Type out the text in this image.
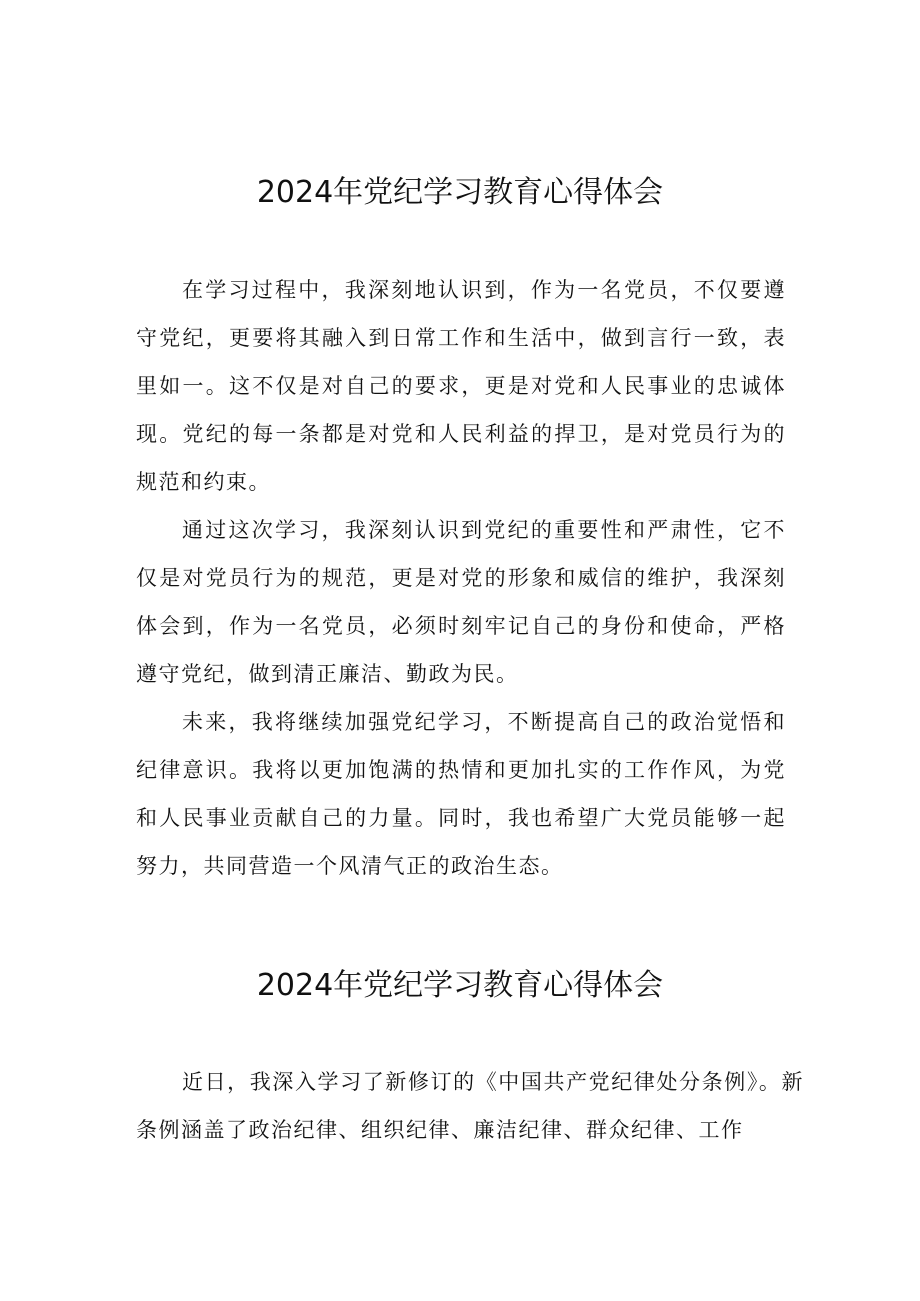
2024年党纪学习教育心得体会

在学习过程中，我深刻地认识到，作为一名党员，不仅要遵守党纪，更要将其融入到日常工作和生活中，做到言行一致，表里如一。这不仅是对自己的要求，更是对党和人民事业的忠诚体现。党纪的每一条都是对党和人民利益的捍卫，是对党员行为的规范和约束。

通过这次学习，我深刻认识到党纪的重要性和严肃性，它不仅是对党员行为的规范，更是对党的形象和威信的维护，我深刻体会到，作为一名党员，必须时刻牢记自己的身份和使命，严格遵守党纪，做到清正廉洁、勤政为民。

未来，我将继续加强党纪学习，不断提高自己的政治觉悟和纪律意识。我将以更加饱满的热情和更加扎实的工作作风，为党和人民事业贡献自己的力量。同时，我也希望广大党员能够一起努力，共同营造一个风清气正的政治生态。

2024年党纪学习教育心得体会

近日，我深入学习了新修订的《中国共产党纪律处分条例》。新条例涵盖了政治纪律、组织纪律、廉洁纪律、群众纪律、工作
